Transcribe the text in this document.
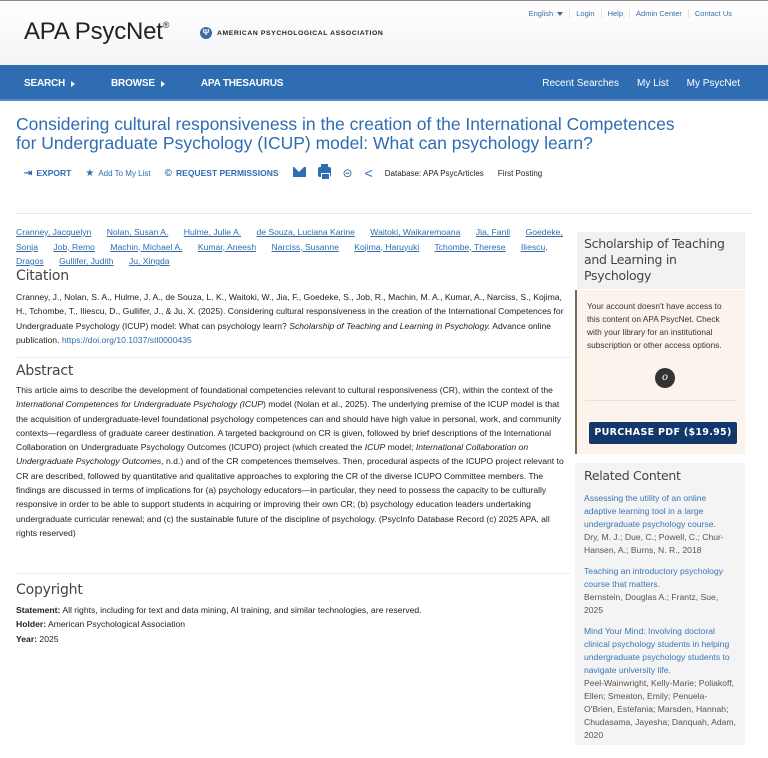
APA PsycNet®
Ψ	AMERICAN PSYCHOLOGICAL ASSOCIATION
English	Login	Help	Admin Center	Contact Us
SEARCH	BROWSE	APA THESAURUS	Recent Searches My List My PsycNet
Considering cultural responsiveness in the creation of the International Competences for Undergraduate Psychology (ICUP) model: What can psychology learn?
⇥ EXPORT ★ Add To My List © REQUEST PERMISSIONS	⊝ < Database: APA PsycArticles First Posting
Cranney, Jacquelyn Nolan, Susan A. Hulme, Julie A. de Souza, Luciana Karine Waitoki, Waikaremoana Jia, Fanli Goedeke, Sonja Job, Remo Machin, Michael A. Kumar, Aneesh Narciss, Susanne Kojima, Haruyuki Tchombe, Therese Iliescu, Dragos Gullifer, Judith Ju, Xingda
Citation
Cranney, J., Nolan, S. A., Hulme, J. A., de Souza, L. K., Waitoki, W., Jia, F., Goedeke, S., Job, R., Machin, M. A., Kumar, A., Narciss, S., Kojima, H., Tchombe, T., Iliescu, D., Gullifer, J., & Ju, X. (2025). Considering cultural responsiveness in the creation of the International Competences for Undergraduate Psychology (ICUP) model: What can psychology learn? Scholarship of Teaching and Learning in Psychology. Advance online publication. https://doi.org/10.1037/stl0000435
Abstract
This article aims to describe the development of foundational competencies relevant to cultural responsiveness (CR), within the context of the International Competences for Undergraduate Psychology (ICUP) model (Nolan et al., 2025). The underlying premise of the ICUP model is that the acquisition of undergraduate-level foundational psychology competences can and should have high value in personal, work, and community contexts—regardless of graduate career destination. A targeted background on CR is given, followed by brief descriptions of the International Collaboration on Undergraduate Psychology Outcomes (ICUPO) project (which created the ICUP model; International Collaboration on Undergraduate Psychology Outcomes, n.d.) and of the CR competences themselves. Then, procedural aspects of the ICUPO project relevant to CR are described, followed by quantitative and qualitative approaches to exploring the CR of the diverse ICUPO Committee members. The findings are discussed in terms of implications for (a) psychology educators—in particular, they need to possess the capacity to be culturally responsive in order to be able to support students in acquiring or improving their own CR; (b) psychology education leaders undertaking undergraduate curricular renewal; and (c) the sustainable future of the discipline of psychology. (PsycInfo Database Record (c) 2025 APA, all rights reserved)
Copyright
Statement: All rights, including for text and data mining, AI training, and similar technologies, are reserved.
Holder: American Psychological Association
Year: 2025
Scholarship of Teaching and Learning in Psychology
Your account doesn't have access to this content on APA PsycNet. Check with your library for an institutional subscription or other access options.
o
PURCHASE PDF ($19.95)
Related Content
Assessing the utility of an online adaptive learning tool in a large undergraduate psychology course.
Dry, M. J.; Due, C.; Powell, C.; Chur-Hansen, A.; Burns, N. R., 2018
Teaching an introductory psychology course that matters.
Bernstein, Douglas A.; Frantz, Sue, 2025
Mind Your Mind: Involving doctoral clinical psychology students in helping undergraduate psychology students to navigate university life.
Peel-Wainwright, Kelly-Marie; Poliakoff, Ellen; Smeaton, Emily; Penuela-O'Brien, Estefania; Marsden, Hannah; Chudasama, Jayesha; Danquah, Adam, 2020
